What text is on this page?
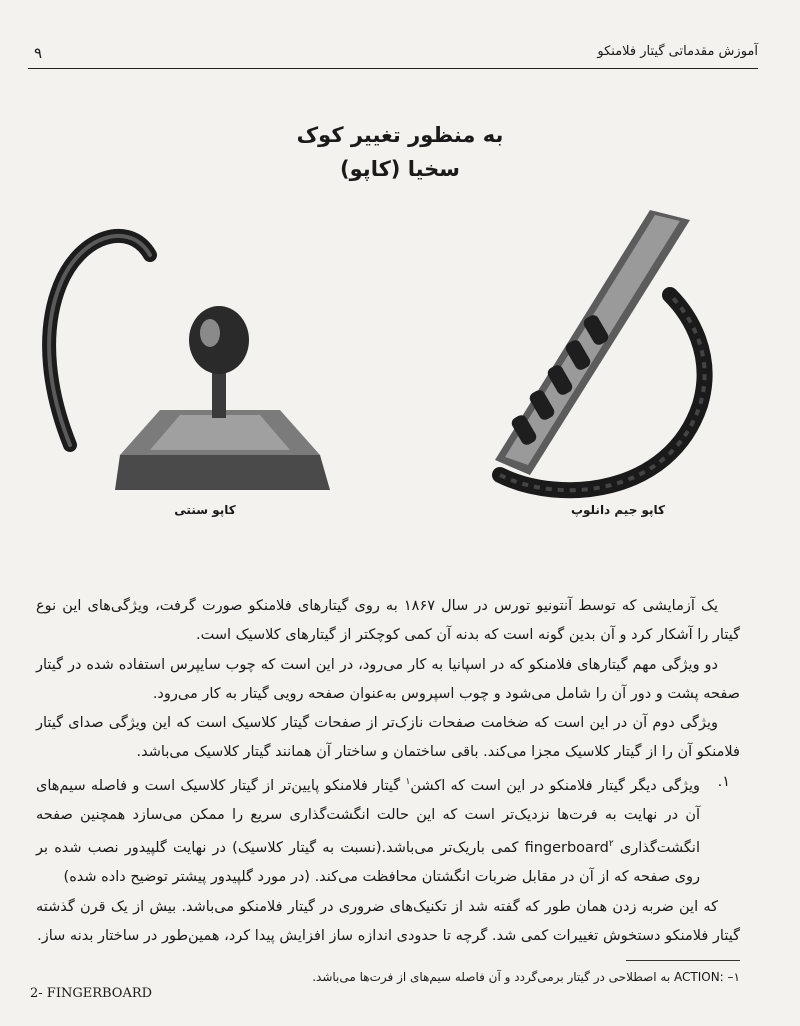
۹	آموزش مقدماتی گیتار فلامنکو
به منظور تغییر کوک
سخیا (کاپو)
کاپو سنتی	کاپو جیم دانلوپ

یک آزمایشی که توسط آنتونیو تورس در سال ۱۸۶۷ به روی گیتارهای فلامنکو صورت گرفت، ویژگی‌های این نوع گیتار را آشکار کرد و آن بدین گونه است که بدنه آن کمی کوچکتر از گیتارهای کلاسیک است.

دو ویژگی مهم گیتارهای فلامنکو که در اسپانیا به کار می‌رود، در این است که چوب سایپرس استفاده شده در گیتار صفحه پشت و دور آن را شامل می‌شود و چوب اسپروس به‌عنوان صفحه رویی گیتار به کار می‌رود.

ویژگی دوم آن در این است که ضخامت صفحات نازک‌تر از صفحات گیتار کلاسیک است که این ویژگی صدای گیتار فلامنکو آن را از گیتار کلاسیک مجزا می‌کند. باقی ساختمان و ساختار آن همانند گیتار کلاسیک می‌باشد.

۱.
ویژگی دیگر گیتار فلامنکو در این است که اکشن$^۱$ گیتار فلامنکو پایین‌تر از گیتار کلاسیک است و فاصله سیم‌های آن در نهایت به فرت‌ها نزدیک‌تر است که این حالت انگشت‌گذاری سریع را ممکن می‌سازد همچنین صفحه انگشت‌گذاری fingerboard$^۲$ کمی باریک‌تر می‌باشد.(نسبت به گیتار کلاسیک) در نهایت گلپیدور نصب شده بر روی صفحه که از آن در مقابل ضربات انگشتان محافظت می‌کند. (در مورد گلپیدور پیشتر توضیح داده شده)

که این ضربه زدن همان طور که گفته شد از تکنیک‌های ضروری در گیتار فلامنکو می‌باشد. بیش از یک قرن گذشته گیتار فلامنکو دستخوش تغییرات کمی شد. گرچه تا حدودی اندازه ساز افزایش پیدا کرد، همین‌طور در ساختار بدنه ساز.

۱– ACTION: به اصطلاحی در گیتار برمی‌گردد و آن فاصله سیم‌های از فرت‌ها می‌باشد.
2- FINGERBOARD
